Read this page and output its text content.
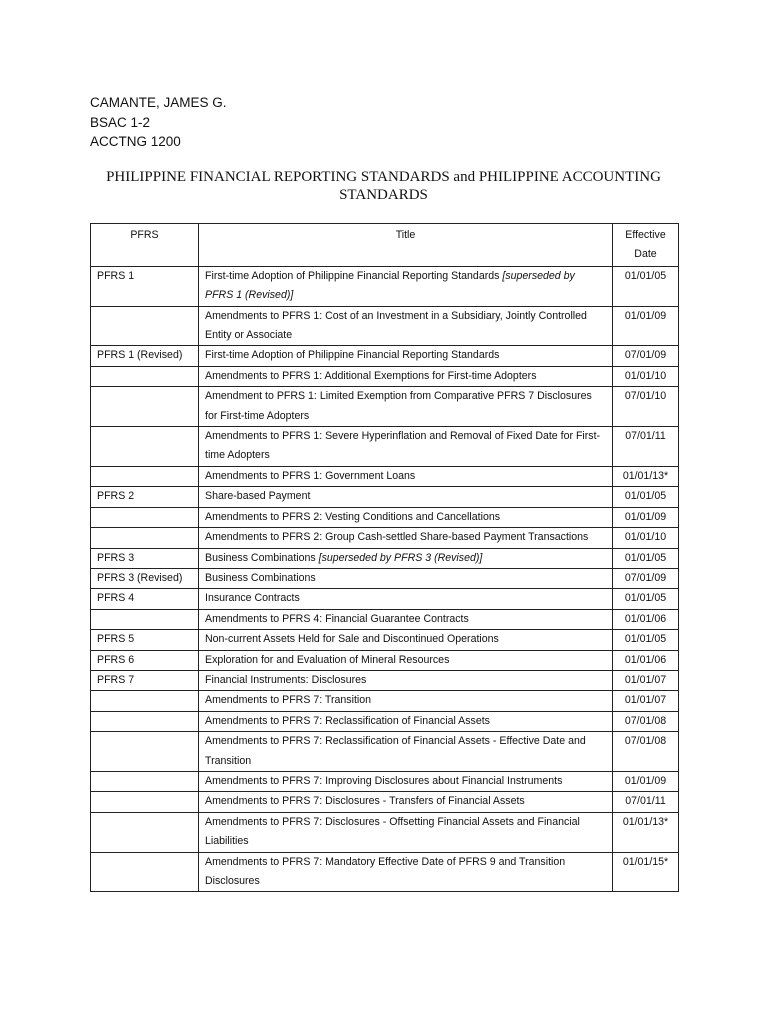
CAMANTE, JAMES G.
BSAC 1-2
ACCTNG 1200
PHILIPPINE FINANCIAL REPORTING STANDARDS and PHILIPPINE ACCOUNTING STANDARDS
PFRS	Title	Effective Date
PFRS 1	First-time Adoption of Philippine Financial Reporting Standards [superseded by PFRS 1 (Revised)]	01/01/05
	Amendments to PFRS 1: Cost of an Investment in a Subsidiary, Jointly Controlled Entity or Associate	01/01/09
PFRS 1 (Revised)	First-time Adoption of Philippine Financial Reporting Standards	07/01/09
	Amendments to PFRS 1: Additional Exemptions for First-time Adopters	01/01/10
	Amendment to PFRS 1: Limited Exemption from Comparative PFRS 7 Disclosures for First-time Adopters	07/01/10
	Amendments to PFRS 1: Severe Hyperinflation and Removal of Fixed Date for First-time Adopters	07/01/11
	Amendments to PFRS 1: Government Loans	01/01/13*
PFRS 2	Share-based Payment	01/01/05
	Amendments to PFRS 2: Vesting Conditions and Cancellations	01/01/09
	Amendments to PFRS 2: Group Cash-settled Share-based Payment Transactions	01/01/10
PFRS 3	Business Combinations [superseded by PFRS 3 (Revised)]	01/01/05
PFRS 3 (Revised)	Business Combinations	07/01/09
PFRS 4	Insurance Contracts	01/01/05
	Amendments to PFRS 4: Financial Guarantee Contracts	01/01/06
PFRS 5	Non-current Assets Held for Sale and Discontinued Operations	01/01/05
PFRS 6	Exploration for and Evaluation of Mineral Resources	01/01/06
PFRS 7	Financial Instruments: Disclosures	01/01/07
	Amendments to PFRS 7: Transition	01/01/07
	Amendments to PFRS 7: Reclassification of Financial Assets	07/01/08
	Amendments to PFRS 7: Reclassification of Financial Assets - Effective Date and Transition	07/01/08
	Amendments to PFRS 7: Improving Disclosures about Financial Instruments	01/01/09
	Amendments to PFRS 7: Disclosures - Transfers of Financial Assets	07/01/11
	Amendments to PFRS 7: Disclosures - Offsetting Financial Assets and Financial Liabilities	01/01/13*
	Amendments to PFRS 7: Mandatory Effective Date of PFRS 9 and Transition Disclosures	01/01/15*
